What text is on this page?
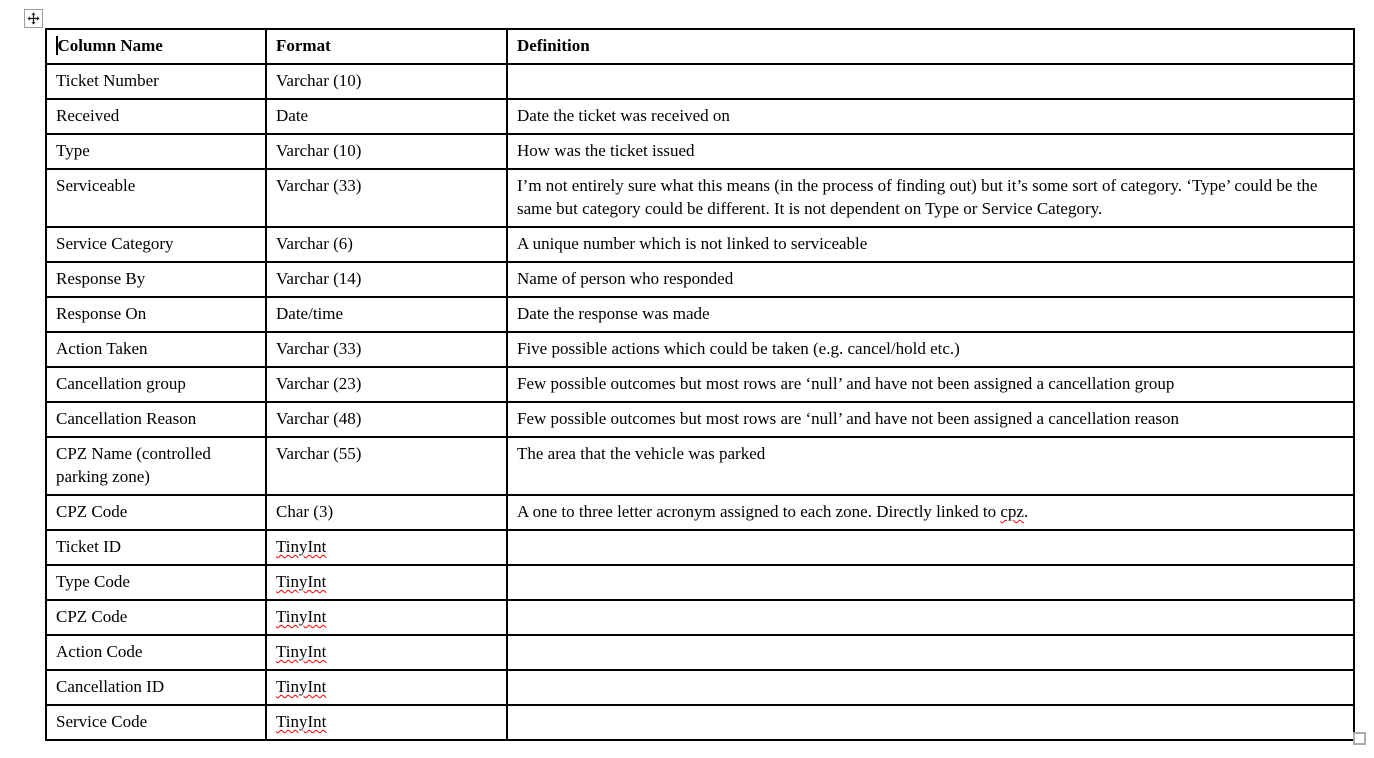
Column Name	Format	Definition
Ticket Number	Varchar (10)	
Received	Date	Date the ticket was received on
Type	Varchar (10)	How was the ticket issued
Serviceable	Varchar (33)	I’m not entirely sure what this means (in the process of finding out) but it’s some sort of category. ‘Type’ could be the same but category could be different. It is not dependent on Type or Service Category.
Service Category	Varchar (6)	A unique number which is not linked to serviceable
Response By	Varchar (14)	Name of person who responded
Response On	Date/time	Date the response was made
Action Taken	Varchar (33)	Five possible actions which could be taken (e.g. cancel/hold etc.)
Cancellation group	Varchar (23)	Few possible outcomes but most rows are ‘null’ and have not been assigned a cancellation group
Cancellation Reason	Varchar (48)	Few possible outcomes but most rows are ‘null’ and have not been assigned a cancellation reason
CPZ Name (controlled parking zone)	Varchar (55)	The area that the vehicle was parked
CPZ Code	Char (3)	A one to three letter acronym assigned to each zone. Directly linked to cpz.
Ticket ID	TinyInt	
Type Code	TinyInt	
CPZ Code	TinyInt	
Action Code	TinyInt	
Cancellation ID	TinyInt	
Service Code	TinyInt	
